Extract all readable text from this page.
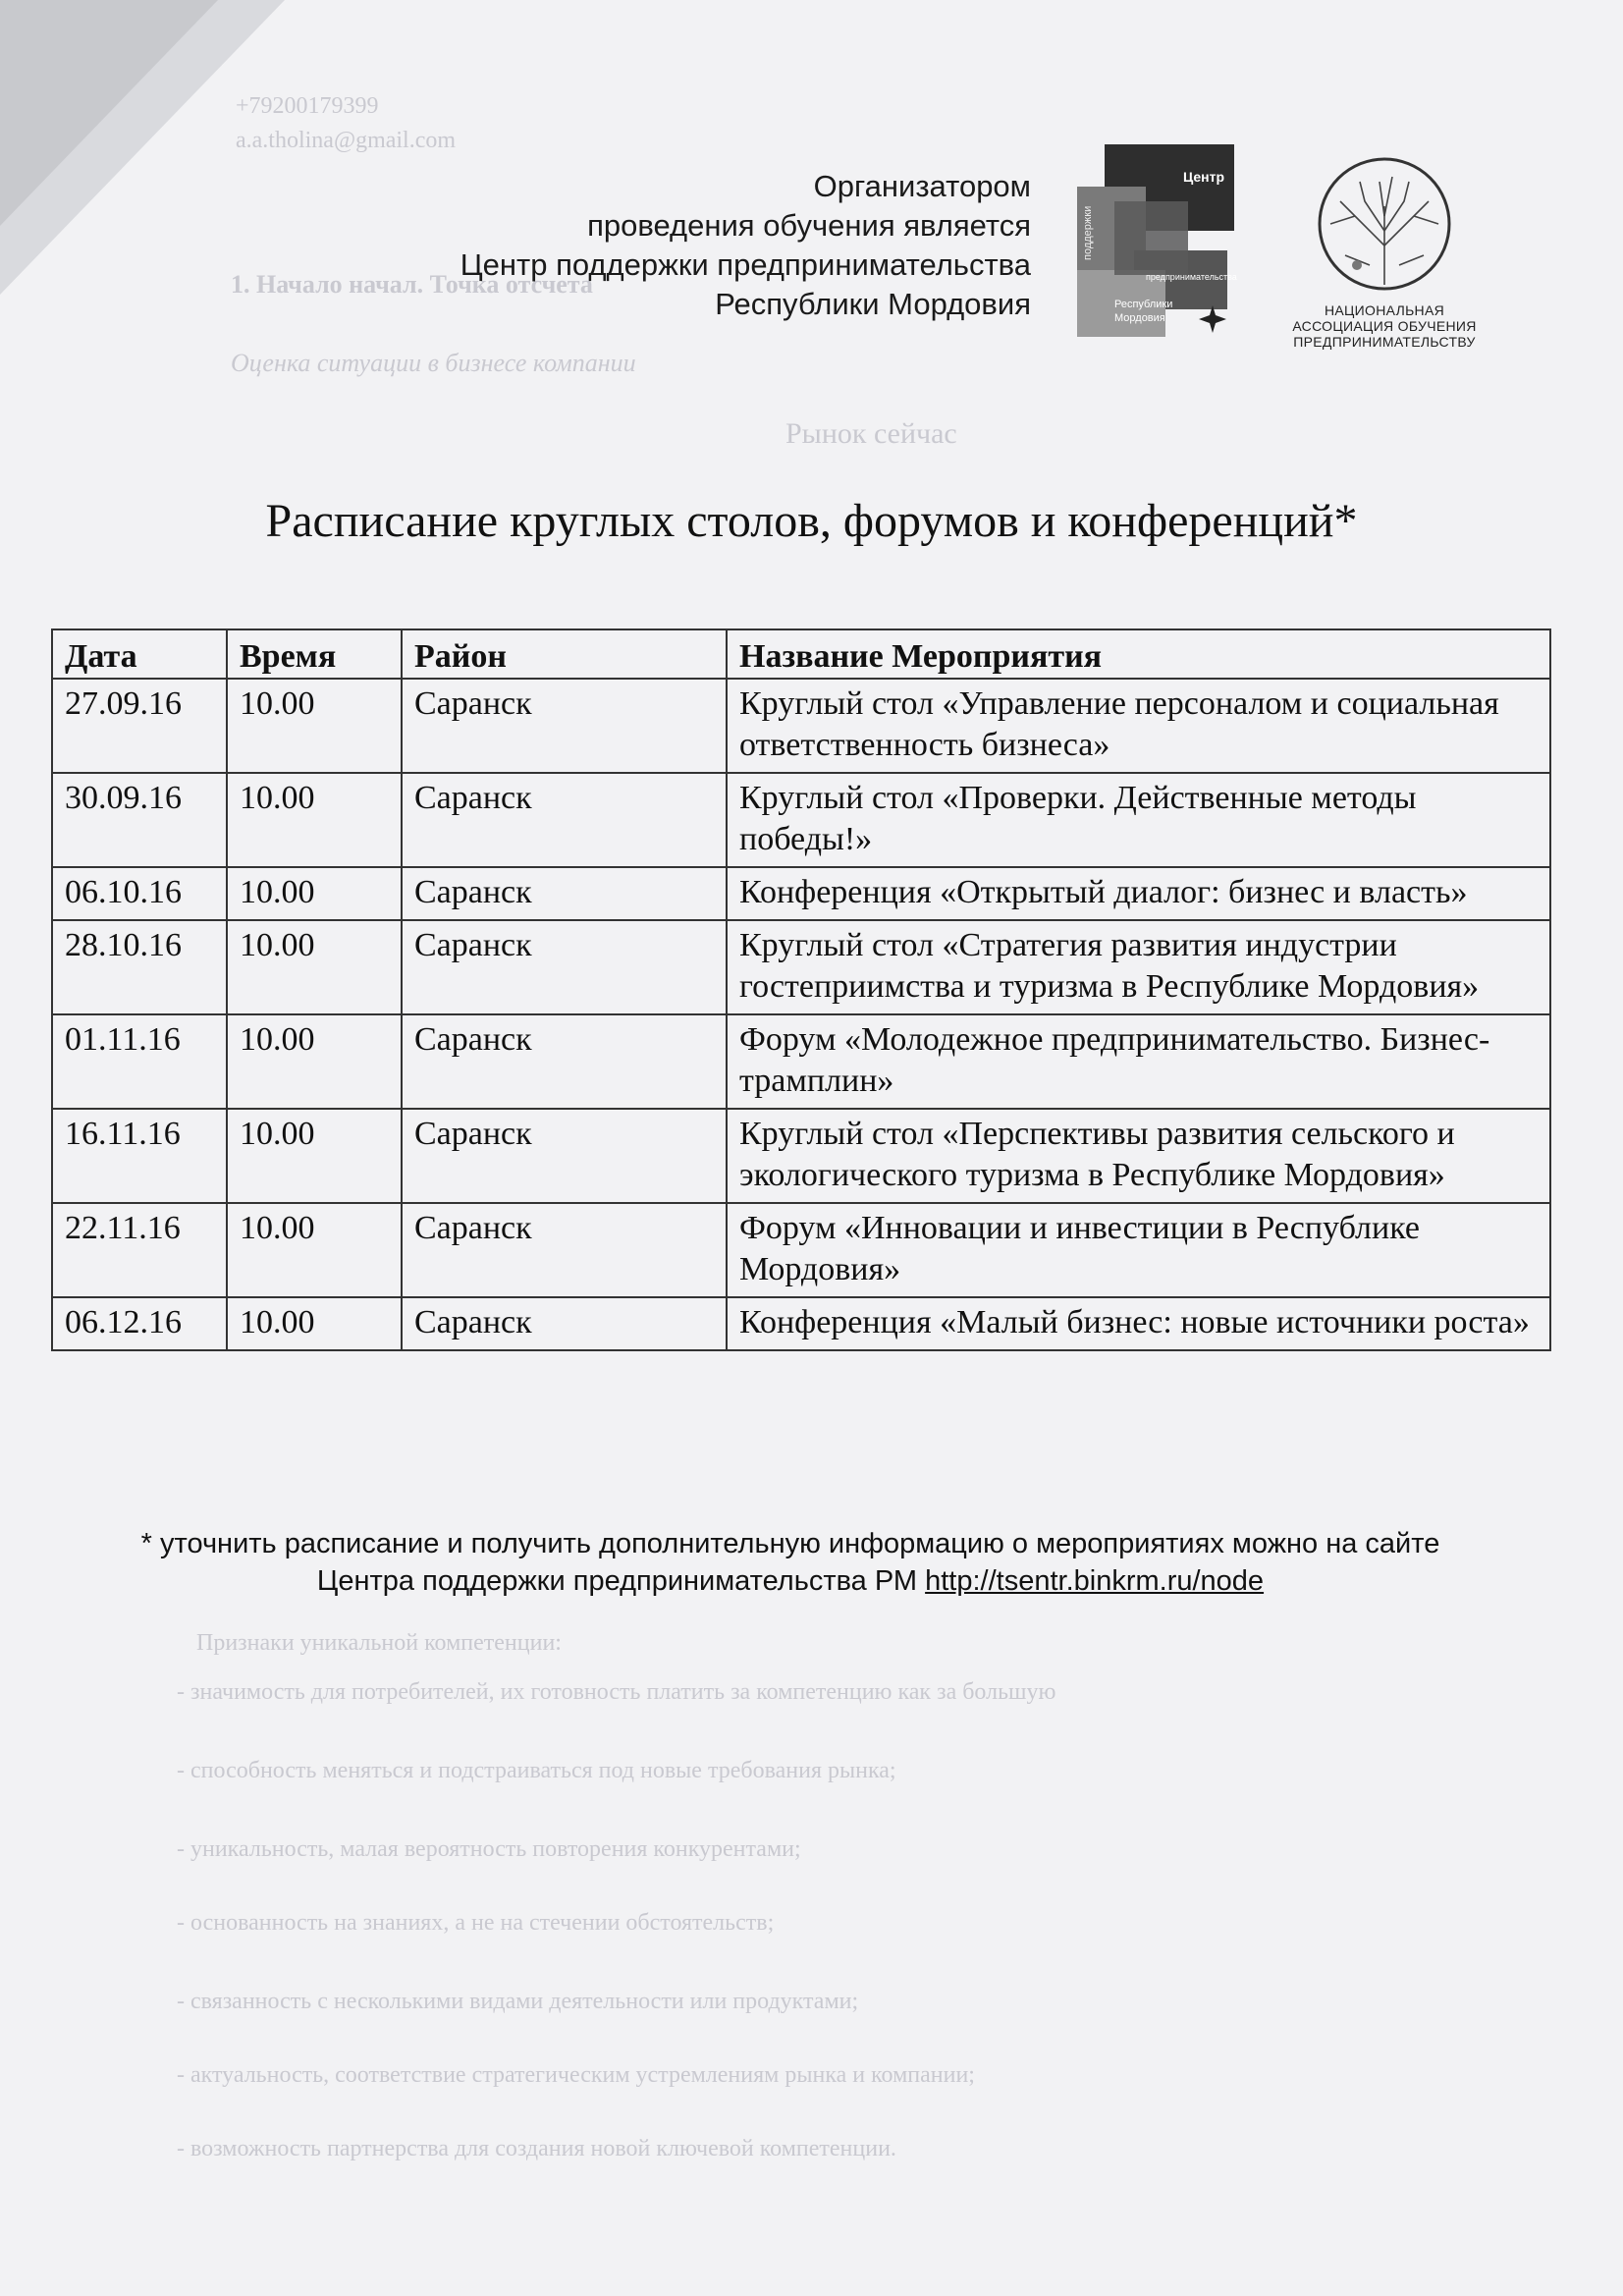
+79200179399
a.a.tholina@gmail.com
1. Начало начал. Точка отсчета
Оценка ситуации в бизнесе компании
Рынок сейчас
Признаки уникальной компетенции:
- значимость для потребителей, их готовность платить за компетенцию как за большую
- способность меняться и подстраиваться под новые требования рынка;
- уникальность, малая вероятность повторения конкурентами;
- основанность на знаниях, а не на стечении обстоятельств;
- связанность с несколькими видами деятельности или продуктами;
- актуальность, соответствие стратегическим устремлениям рынка и компании;
- возможность партнерства для создания новой ключевой компетенции.
Организатором
проведения обучения является
Центр поддержки предпринимательства
Республики Мордовия
Центр
поддержки
предпринимательства
Республики
Мордовия	НАЦИОНАЛЬНАЯ
АССОЦИАЦИЯ ОБУЧЕНИЯ
ПРЕДПРИНИМАТЕЛЬСТВУ
Расписание круглых столов, форумов и конференций*
Дата	Время	Район	Название Мероприятия
27.09.16	10.00	Саранск	Круглый стол «Управление персоналом и социальная ответственность бизнеса»
30.09.16	10.00	Саранск	Круглый стол «Проверки. Действенные методы победы!»
06.10.16	10.00	Саранск	Конференция «Открытый диалог: бизнес и власть»
28.10.16	10.00	Саранск	Круглый стол «Стратегия развития индустрии гостеприимства и туризма в Республике Мордовия»
01.11.16	10.00	Саранск	Форум «Молодежное предпринимательство. Бизнес-трамплин»
16.11.16	10.00	Саранск	Круглый стол «Перспективы развития сельского и экологического туризма в Республике Мордовия»
22.11.16	10.00	Саранск	Форум «Инновации и инвестиции в Республике Мордовия»
06.12.16	10.00	Саранск	Конференция «Малый бизнес: новые источники роста»
* уточнить расписание и получить дополнительную информацию о мероприятиях можно на сайте
Центра поддержки предпринимательства РМ http://tsentr.binkrm.ru/node
